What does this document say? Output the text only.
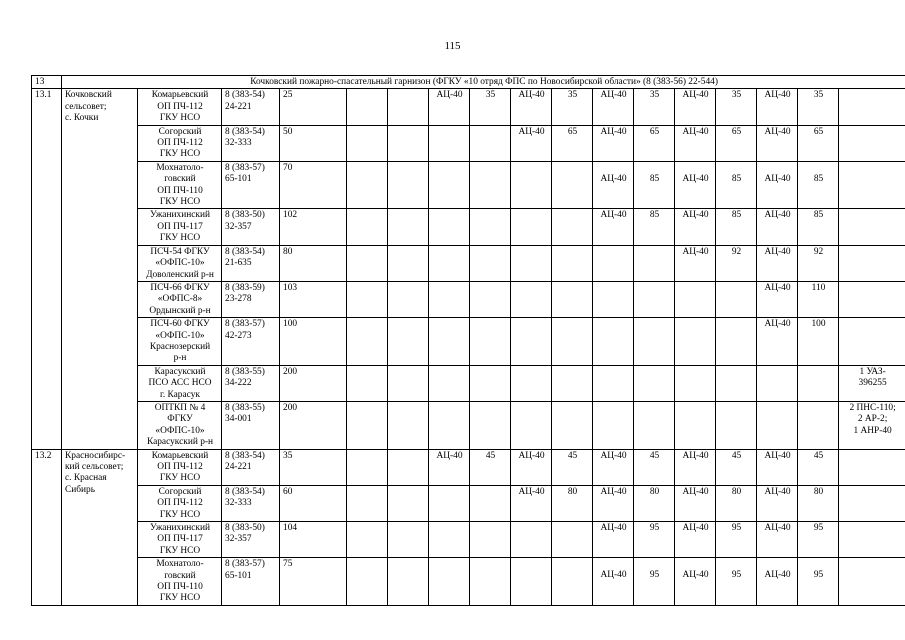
115
13	Кочковский пожарно-спасательный гарнизон (ФГКУ «10 отряд ФПС по Новосибирской области» (8 (383-56) 22-544)																
13.1	Кочковский
сельсовет;
с. Кочки	Комарьевский
ОП ПЧ-112
ГКУ НСО	8 (383-54)
24-221	25			АЦ-40	35	АЦ-40	35	АЦ-40	35	АЦ-40	35	АЦ-40	35	

		Согорский
ОП ПЧ-112
ГКУ НСО	8 (383-54)
32-333	50					АЦ-40	65	АЦ-40	65	АЦ-40	65	АЦ-40	65	

		Мохнатоло-
говский
ОП ПЧ-110
ГКУ НСО	8 (383-57)
65-101	70							АЦ-40	85	АЦ-40	85	АЦ-40	85	

		Ужанихинский
ОП ПЧ-117
ГКУ НСО	8 (383-50)
32-357	102							АЦ-40	85	АЦ-40	85	АЦ-40	85	

		ПСЧ-54 ФГКУ
«ОФПС-10»
Доволенский р-н	8 (383-54)
21-635	80									АЦ-40	92	АЦ-40	92	

		ПСЧ-66 ФГКУ
«ОФПС-8»
Ордынский р-н	8 (383-59)
23-278	103											АЦ-40	110	

		ПСЧ-60 ФГКУ
«ОФПС-10»
Краснозерский
р-н	8 (383-57)
42-273	100											АЦ-40	100	

		Карасукский
ПСО АСС НСО
г. Карасук	8 (383-55)
34-222	200													1 УАЗ-
396255

		ОПТКП № 4
ФГКУ
«ОФПС-10»
Карасукский р-н	8 (383-55)
34-001	200													2 ПНС-110;
2 АР-2;
1 АНР-40

13.2	Красносибирс-
кий сельсовет;
с. Красная
Сибирь	Комарьевский
ОП ПЧ-112
ГКУ НСО	8 (383-54)
24-221	35			АЦ-40	45	АЦ-40	45	АЦ-40	45	АЦ-40	45	АЦ-40	45	

		Согорский
ОП ПЧ-112
ГКУ НСО	8 (383-54)
32-333	60					АЦ-40	80	АЦ-40	80	АЦ-40	80	АЦ-40	80	

		Ужанихинский
ОП ПЧ-117
ГКУ НСО	8 (383-50)
32-357	104							АЦ-40	95	АЦ-40	95	АЦ-40	95	

		Мохнатоло-
говский
ОП ПЧ-110
ГКУ НСО	8 (383-57)
65-101	75							АЦ-40	95	АЦ-40	95	АЦ-40	95	
